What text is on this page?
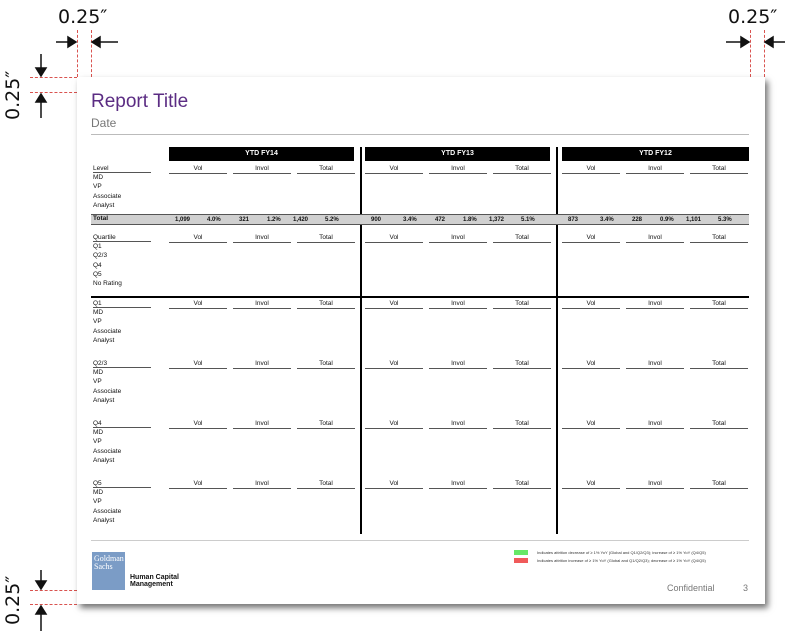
0.25″	0.25″
0.25″
0.25″
Report Title
Date
YTD FY14	YTD FY13	YTD FY12
Goldman Sachs
Human Capital Management
Indicates attrition decrease of ≥ 1% YoY (Global and Q1/Q2/Q3); increase of ≥ 1% YoY (Q4/Q5)
Indicates attrition increase of ≥ 1% YoY (Global and Q1/Q2/Q3); decrease of ≥ 1% YoY (Q4/Q5)
Confidential	3
Level	Vol	Invol	Total	Vol	Invol	Total	Vol	Invol	Total
MD
VP
Associate
Analyst
Total	1,099	4.0%	321	1.2% 1,420	5.2%	900	3.4%	472	1.8% 1,372	5.1%	873	3.4%	228	0.9% 1,101	5.3%
Quartile	Vol	Invol	Total	Vol	Invol	Total	Vol	Invol	Total
Q1
Q2/3
Q4
Q5
No Rating
Q1	Vol	Invol	Total	Vol	Invol	Total	Vol	Invol	Total
MD
VP
Associate
Analyst
Q2/3	Vol	Invol	Total	Vol	Invol	Total	Vol	Invol	Total
MD
VP
Associate
Analyst
Q4	Vol	Invol	Total	Vol	Invol	Total	Vol	Invol	Total
MD
VP
Associate
Analyst
Q5	Vol	Invol	Total	Vol	Invol	Total	Vol	Invol	Total
MD
VP
Associate
Analyst
